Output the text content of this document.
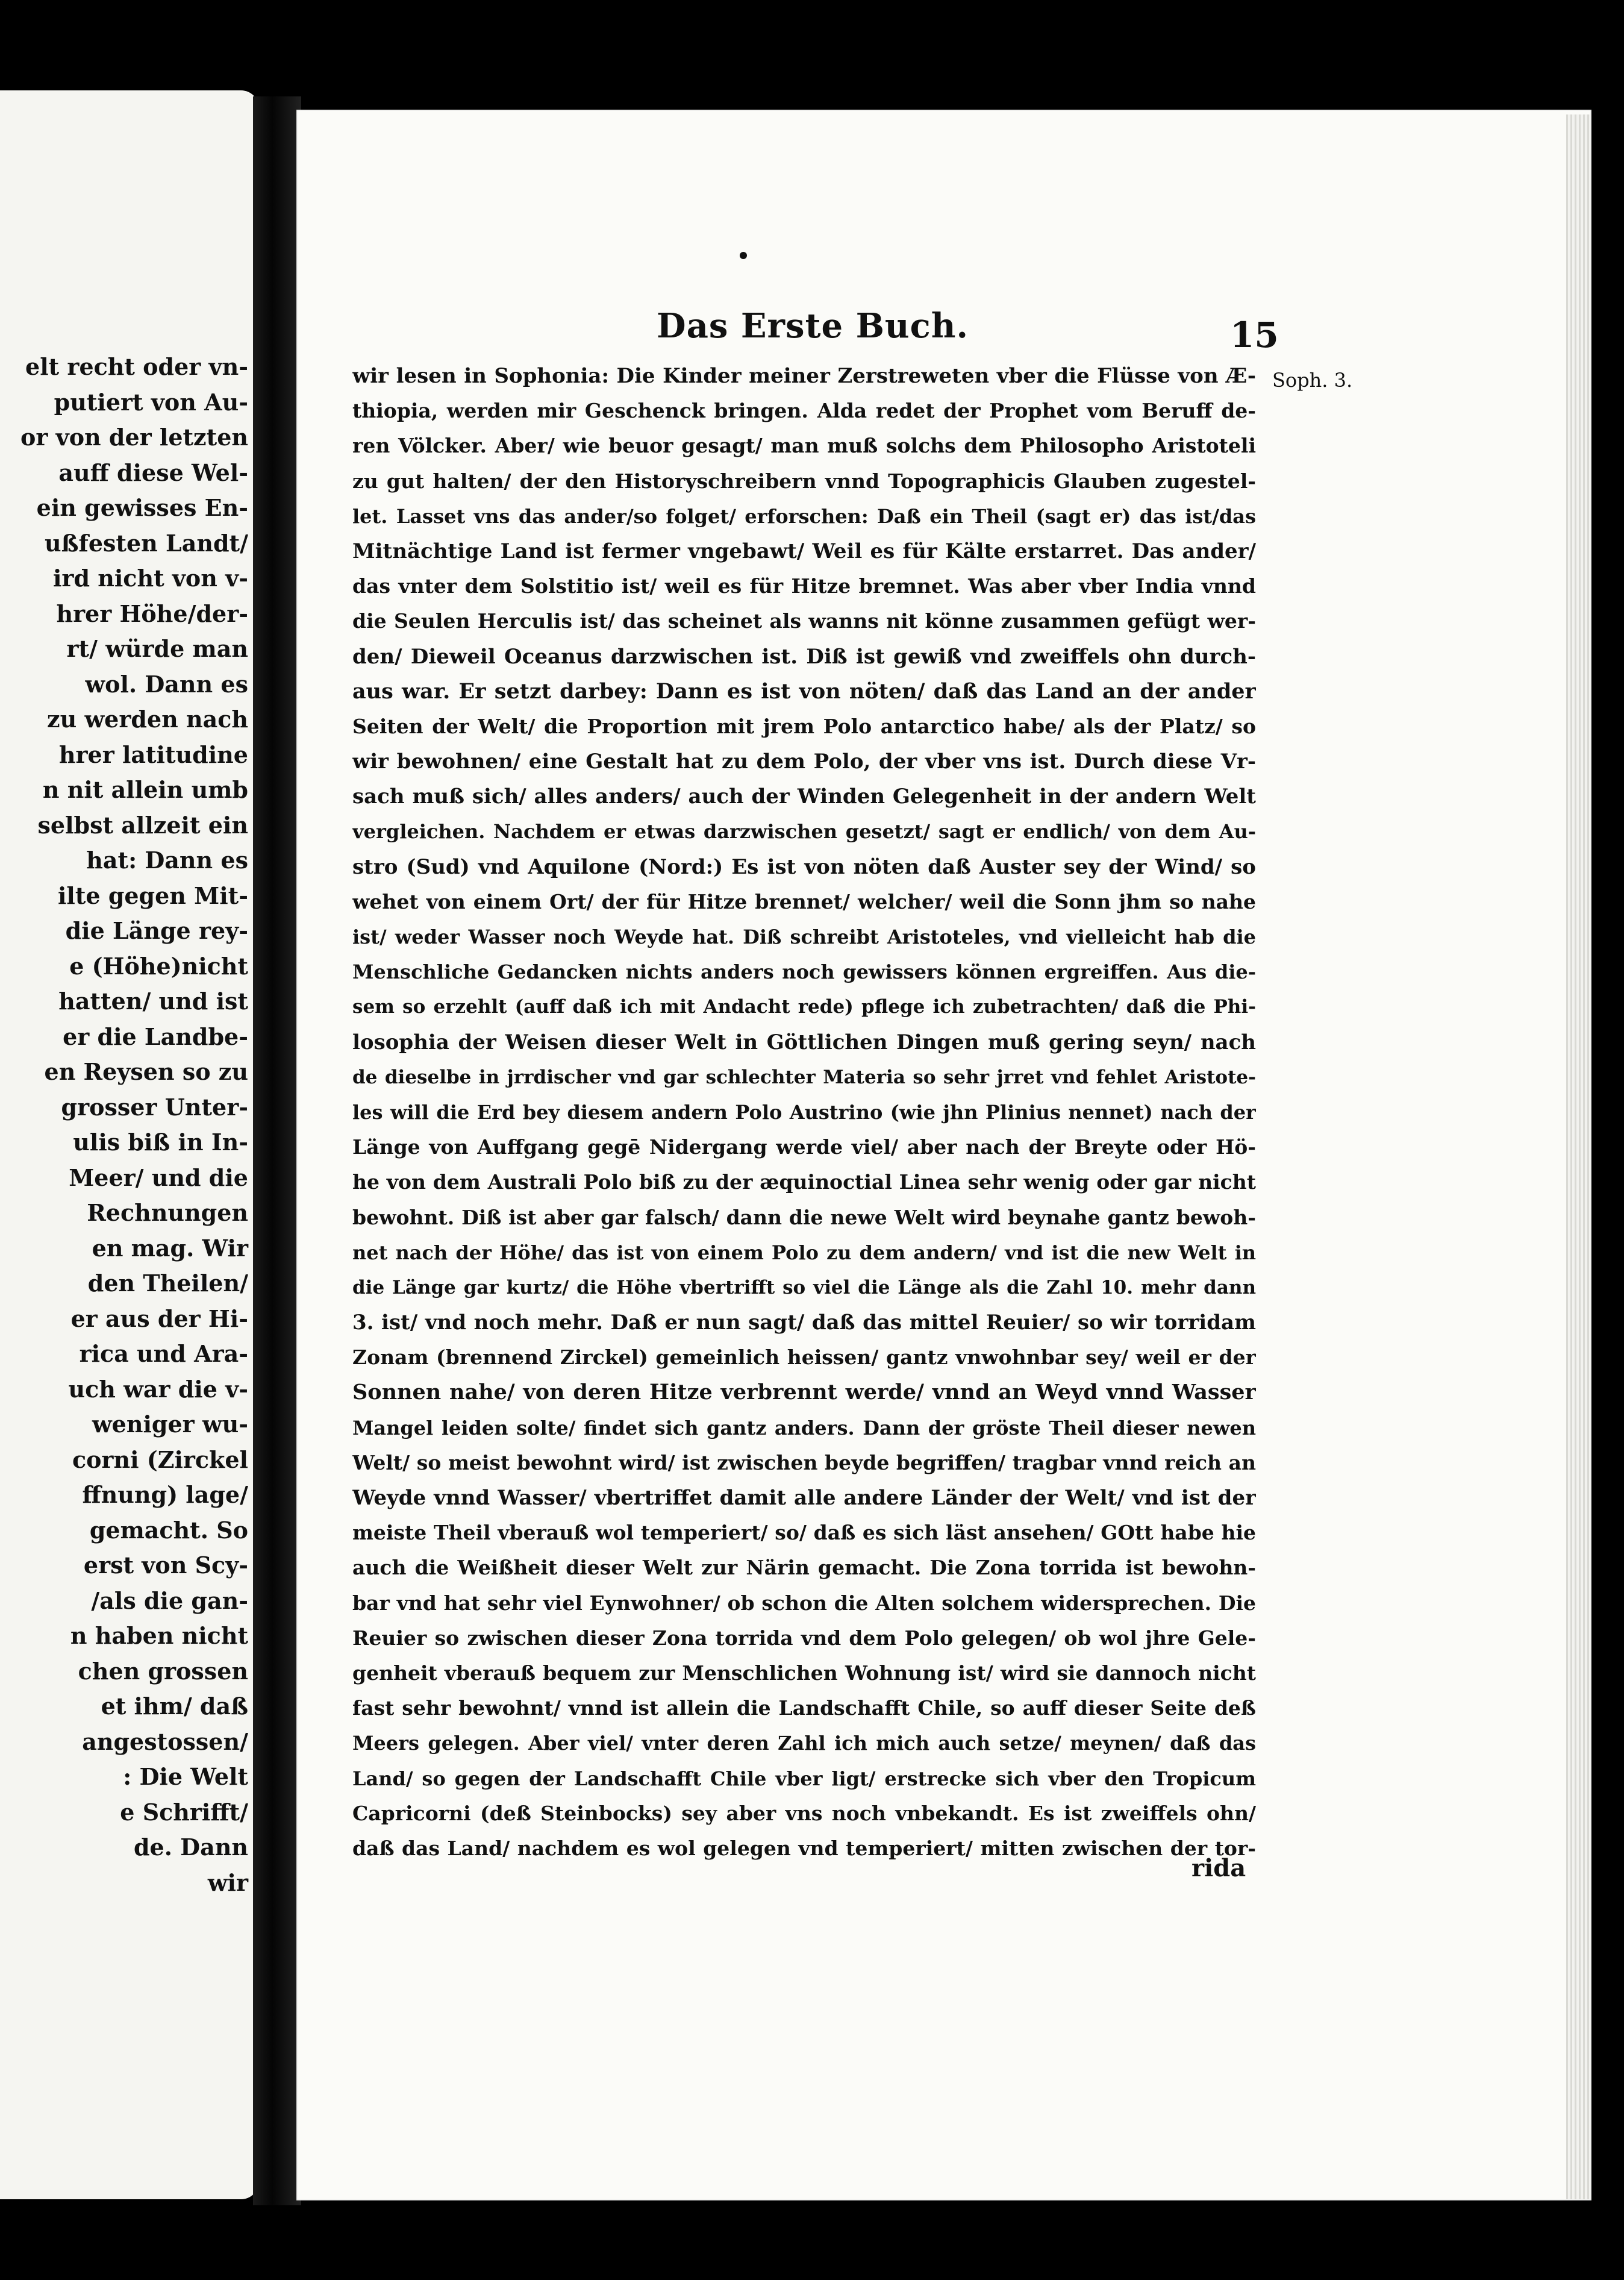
elt recht oder vn-
putiert von Au-
or von der letzten
auff diese Wel-
ein gewisses En-
ußfesten Landt/
ird nicht von v-
hrer Höhe/der-
rt/ würde man
wol. Dann es
zu werden nach
hrer latitudine
n nit allein umb
selbst allzeit ein
hat: Dann es
ilte gegen Mit-
die Länge rey-
e (Höhe)nicht
hatten/ und ist
er die Landbe-
en Reysen so zu
grosser Unter-
ulis biß in In-
Meer/ und die
Rechnungen
en mag. Wir
den Theilen/
er aus der Hi-
rica und Ara-
uch war die v-
weniger wu-
corni (Zirckel
ffnung) lage/
gemacht. So
erst von Scy-
/als die gan-
n haben nicht
chen grossen
et ihm/ daß
angestossen/
: Die Welt
e Schrifft/
de. Dann
wir
Das Erste Buch.	15
Soph. 3.
wir lesen in Sophonia: Die Kinder meiner Zerstreweten vber die Flüsse von Æ-
thiopia, werden mir Geschenck bringen. Alda redet der Prophet vom Beruff de-
ren Völcker. Aber/ wie beuor gesagt/ man muß solchs dem Philosopho Aristoteli
zu gut halten/ der den Historyschreibern vnnd Topographicis Glauben zugestel-
let. Lasset vns das ander/so folget/ erforschen: Daß ein Theil (sagt er) das ist/das
Mitnächtige Land ist fermer vngebawt/ Weil es für Kälte erstarret. Das ander/
das vnter dem Solstitio ist/ weil es für Hitze bremnet. Was aber vber India vnnd
die Seulen Herculis ist/ das scheinet als wanns nit könne zusammen gefügt wer-
den/ Dieweil Oceanus darzwischen ist. Diß ist gewiß vnd zweiffels ohn durch-
aus war. Er setzt darbey: Dann es ist von nöten/ daß das Land an der ander
Seiten der Welt/ die Proportion mit jrem Polo antarctico habe/ als der Platz/ so
wir bewohnen/ eine Gestalt hat zu dem Polo, der vber vns ist. Durch diese Vr-
sach muß sich/ alles anders/ auch der Winden Gelegenheit in der andern Welt
vergleichen. Nachdem er etwas darzwischen gesetzt/ sagt er endlich/ von dem Au-
stro (Sud) vnd Aquilone (Nord:) Es ist von nöten daß Auster sey der Wind/ so
wehet von einem Ort/ der für Hitze brennet/ welcher/ weil die Sonn jhm so nahe
ist/ weder Wasser noch Weyde hat. Diß schreibt Aristoteles, vnd vielleicht hab die
Menschliche Gedancken nichts anders noch gewissers können ergreiffen. Aus die-
sem so erzehlt (auff daß ich mit Andacht rede) pflege ich zubetrachten/ daß die Phi-
losophia der Weisen dieser Welt in Göttlichen Dingen muß gering seyn/ nach
de dieselbe in jrrdischer vnd gar schlechter Materia so sehr jrret vnd fehlet Aristote-
les will die Erd bey diesem andern Polo Austrino (wie jhn Plinius nennet) nach der
Länge von Auffgang gegē Nidergang werde viel/ aber nach der Breyte oder Hö-
he von dem Australi Polo biß zu der æquinoctial Linea sehr wenig oder gar nicht
bewohnt. Diß ist aber gar falsch/ dann die newe Welt wird beynahe gantz bewoh-
net nach der Höhe/ das ist von einem Polo zu dem andern/ vnd ist die new Welt in
die Länge gar kurtz/ die Höhe vbertrifft so viel die Länge als die Zahl 10. mehr dann
3. ist/ vnd noch mehr. Daß er nun sagt/ daß das mittel Reuier/ so wir torridam
Zonam (brennend Zirckel) gemeinlich heissen/ gantz vnwohnbar sey/ weil er der
Sonnen nahe/ von deren Hitze verbrennt werde/ vnnd an Weyd vnnd Wasser
Mangel leiden solte/ findet sich gantz anders. Dann der gröste Theil dieser newen
Welt/ so meist bewohnt wird/ ist zwischen beyde begriffen/ tragbar vnnd reich an
Weyde vnnd Wasser/ vbertriffet damit alle andere Länder der Welt/ vnd ist der
meiste Theil vberauß wol temperiert/ so/ daß es sich läst ansehen/ GOtt habe hie
auch die Weißheit dieser Welt zur Närin gemacht. Die Zona torrida ist bewohn-
bar vnd hat sehr viel Eynwohner/ ob schon die Alten solchem widersprechen. Die
Reuier so zwischen dieser Zona torrida vnd dem Polo gelegen/ ob wol jhre Gele-
genheit vberauß bequem zur Menschlichen Wohnung ist/ wird sie dannoch nicht
fast sehr bewohnt/ vnnd ist allein die Landschafft Chile, so auff dieser Seite deß
Meers gelegen. Aber viel/ vnter deren Zahl ich mich auch setze/ meynen/ daß das
Land/ so gegen der Landschafft Chile vber ligt/ erstrecke sich vber den Tropicum
Capricorni (deß Steinbocks) sey aber vns noch vnbekandt. Es ist zweiffels ohn/
daß das Land/ nachdem es wol gelegen vnd temperiert/ mitten zwischen der tor-
rida
